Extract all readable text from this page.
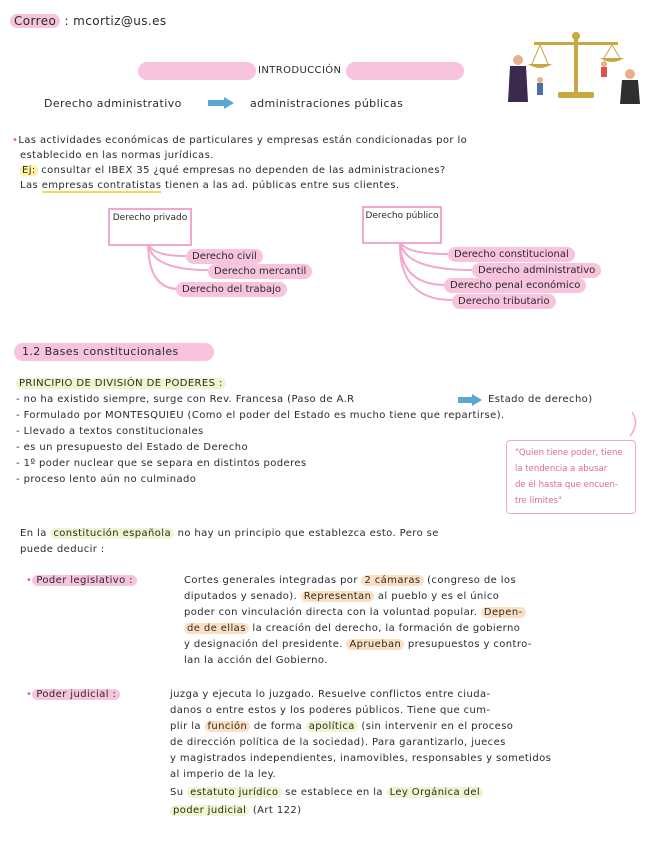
Correo : mcortiz@us.es
INTRODUCCIÓN
Derecho administrativo	administraciones públicas
•Las actividades económicas de particulares y empresas están condicionadas por lo
establecido en las normas jurídicas.
Ej: consultar el IBEX 35 ¿qué empresas no dependen de las administraciones?
Las empresas contratistas tienen a las ad. públicas entre sus clientes.
Derecho privado	Derecho público
Derecho civil
Derecho mercantil
Derecho del trabajo
Derecho constitucional
Derecho administrativo
Derecho penal económico
Derecho tributario
1.2 Bases constitucionales
PRINCIPIO DE DIVISIÓN DE PODERES :
- no ha existido siempre, surge con Rev. Francesa (Paso de A.R	Estado de derecho)
- Formulado por MONTESQUIEU (Como el poder del Estado es mucho tiene que repartirse).
- Llevado a textos constitucionales
- es un presupuesto del Estado de Derecho
- 1º poder nuclear que se separa en distintos poderes
- proceso lento aún no culminado
"Quien tiene poder, tiene
la tendencia a abusar
de él hasta que encuen-
tre límites"
En la constitución española no hay un principio que establezca esto. Pero se
puede deducir :
• Poder legislativo :	Cortes generales integradas por 2 cámaras (congreso de los
diputados y senado). Representan al pueblo y es el único
poder con vinculación directa con la voluntad popular. Depen-
de de ellas la creación del derecho, la formación de gobierno
y designación del presidente. Aprueban presupuestos y contro-
lan la acción del Gobierno.
• Poder judicial :	juzga y ejecuta lo juzgado. Resuelve conflictos entre ciuda-
danos o entre estos y los poderes públicos. Tiene que cum-
plir la función de forma apolítica (sin intervenir en el proceso
de dirección política de la sociedad). Para garantizarlo, jueces
y magistrados independientes, inamovibles, responsables y sometidos
al imperio de la ley.
Su estatuto jurídico se establece en la Ley Orgánica del
poder judicial (Art 122)
